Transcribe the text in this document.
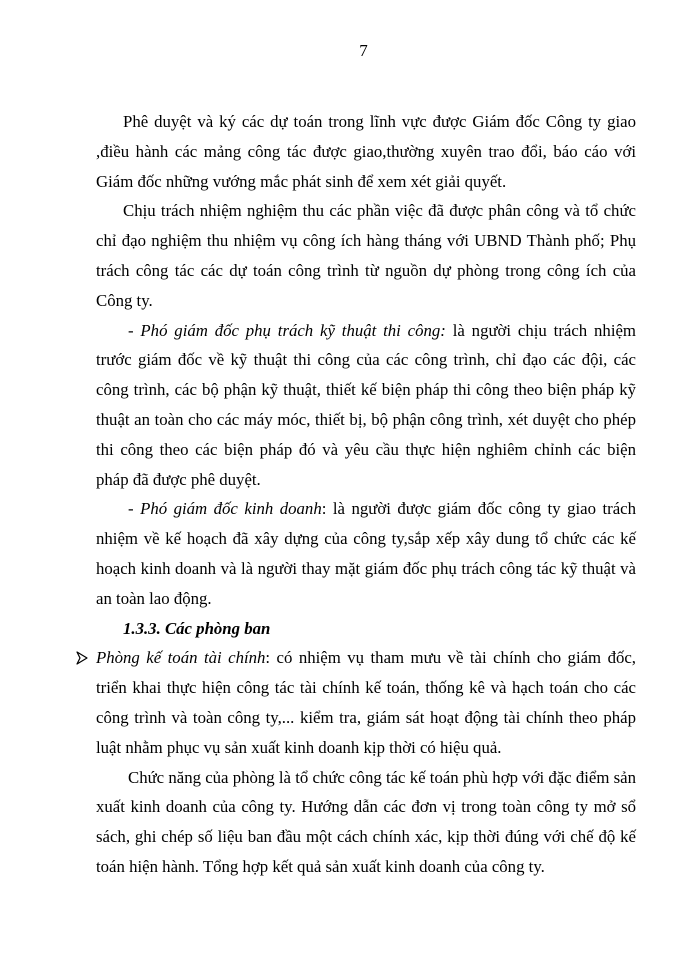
7

Phê duyệt và ký các dự toán trong lĩnh vực được Giám đốc Công ty giao ,điều hành các mảng công tác được giao,thường xuyên trao đổi, báo cáo với Giám đốc những vướng mắc phát sinh để xem xét giải quyết.

Chịu trách nhiệm nghiệm thu các phần việc đã được phân công và tổ chức chỉ đạo nghiệm thu nhiệm vụ công ích hàng tháng với UBND Thành phố; Phụ trách công tác các dự toán công trình từ nguồn dự phòng trong công ích của Công ty.

- Phó giám đốc phụ trách kỹ thuật thi công: là người chịu trách nhiệm trước giám đốc về kỹ thuật thi công của các công trình, chỉ đạo các đội, các công trình, các bộ phận kỹ thuật, thiết kế biện pháp thi công theo biện pháp kỹ thuật an toàn cho các máy móc, thiết bị, bộ phận công trình, xét duyệt cho phép thi công theo các biện pháp đó và yêu cầu thực hiện nghiêm chỉnh các biện pháp đã được phê duyệt.

- Phó giám đốc kinh doanh: là người được giám đốc công ty giao trách nhiệm về kế hoạch đã xây dựng của công ty,sắp xếp xây dung tổ chức các kế hoạch kinh doanh và là người thay mặt giám đốc phụ trách công tác kỹ thuật và an toàn lao động.

1.3.3. Các phòng ban

Phòng kế toán tài chính: có nhiệm vụ tham mưu về tài chính cho giám đốc, triển khai thực hiện công tác tài chính kế toán, thống kê và hạch toán cho các công trình và toàn công ty,... kiểm tra, giám sát hoạt động tài chính theo pháp luật nhằm phục vụ sản xuất kinh doanh kịp thời có hiệu quả.

Chức năng của phòng là tổ chức công tác kế toán phù hợp với đặc điểm sản xuất kinh doanh của công ty. Hướng dẫn các đơn vị trong toàn công ty mở sổ sách, ghi chép số liệu ban đầu một cách chính xác, kịp thời đúng với chế độ kế toán hiện hành. Tổng hợp kết quả sản xuất kinh doanh của công ty.
